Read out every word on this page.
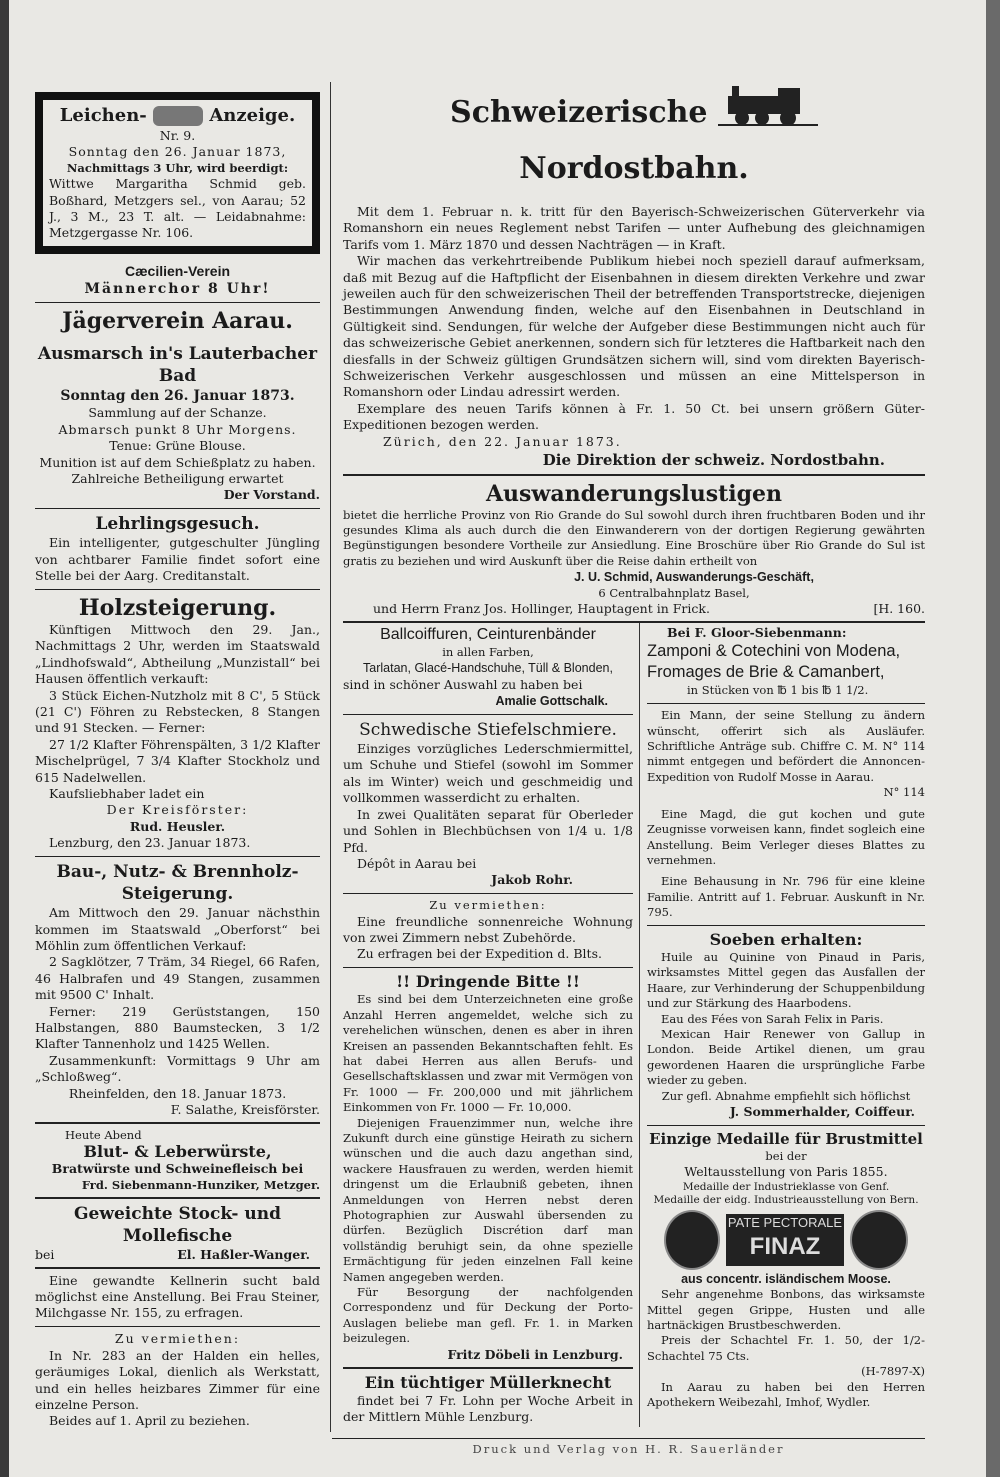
Leichen-	Anzeige.
Nr. 9.
Sonntag den 26. Januar 1873,
Nachmittags 3 Uhr, wird beerdigt:
Wittwe Margaritha Schmid geb. Boßhard, Metzgers sel., von Aarau; 52 J., 3 M., 23 T. alt. — Leidabnahme: Metzgergasse Nr. 106.
Cæcilien-Verein
Männerchor 8 Uhr!
Jägerverein Aarau.
Ausmarsch in's Lauterbacher Bad
Sonntag den 26. Januar 1873.
Sammlung auf der Schanze.
Abmarsch punkt 8 Uhr Morgens.
Tenue: Grüne Blouse.
Munition ist auf dem Schießplatz zu haben.
Zahlreiche Betheiligung erwartet
Der Vorstand.
Lehrlingsgesuch.
Ein intelligenter, gutgeschulter Jüngling von achtbarer Familie findet sofort eine Stelle bei der Aarg. Creditanstalt.
Holzsteigerung.
Künftigen Mittwoch den 29. Jan., Nachmittags 2 Uhr, werden im Staatswald „Lindhofswald“, Abtheilung „Munzistall“ bei Hausen öffentlich verkauft:
3 Stück Eichen-Nutzholz mit 8 C', 5 Stück (21 C') Föhren zu Rebstecken, 8 Stangen und 91 Stecken. — Ferner:
27 1/2 Klafter Föhrenspälten, 3 1/2 Klafter Mischelprügel, 7 3/4 Klafter Stockholz und 615 Nadelwellen.
Kaufsliebhaber ladet ein
Der Kreisförster:
Rud. Heusler.
Lenzburg, den 23. Januar 1873.
Bau-, Nutz- & Brennholz-Steigerung.
Am Mittwoch den 29. Januar nächsthin kommen im Staatswald „Oberforst“ bei Möhlin zum öffentlichen Verkauf:
2 Sagklötzer, 7 Träm, 34 Riegel, 66 Rafen, 46 Halbrafen und 49 Stangen, zusammen mit 9500 C' Inhalt.
Ferner: 219 Gerüststangen, 150 Halbstangen, 880 Baumstecken, 3 1/2 Klafter Tannenholz und 1425 Wellen.
Zusammenkunft: Vormittags 9 Uhr am „Schloßweg“.
Rheinfelden, den 18. Januar 1873.
F. Salathe, Kreisförster.
Heute Abend
Blut- & Leberwürste,
Bratwürste und Schweinefleisch bei
Frd. Siebenmann-Hunziker, Metzger.
Geweichte Stock- und Mollefische
bei	El. Haßler-Wanger.
Eine gewandte Kellnerin sucht bald möglichst eine Anstellung. Bei Frau Steiner, Milchgasse Nr. 155, zu erfragen.
Zu vermiethen:
In Nr. 283 an der Halden ein helles, geräumiges Lokal, dienlich als Werkstatt, und ein helles heizbares Zimmer für eine einzelne Person.
Beides auf 1. April zu beziehen.
Schweizerische  Nordostbahn.
Mit dem 1. Februar n. k. tritt für den Bayerisch-Schweizerischen Güterverkehr via Romanshorn ein neues Reglement nebst Tarifen — unter Aufhebung des gleichnamigen Tarifs vom 1. März 1870 und dessen Nachträgen — in Kraft.
Wir machen das verkehrtreibende Publikum hiebei noch speziell darauf aufmerksam, daß mit Bezug auf die Haftpflicht der Eisenbahnen in diesem direkten Verkehre und zwar jeweilen auch für den schweizerischen Theil der betreffenden Transportstrecke, diejenigen Bestimmungen Anwendung finden, welche auf den Eisenbahnen in Deutschland in Gültigkeit sind. Sendungen, für welche der Aufgeber diese Bestimmungen nicht auch für das schweizerische Gebiet anerkennen, sondern sich für letzteres die Haftbarkeit nach den diesfalls in der Schweiz gültigen Grundsätzen sichern will, sind vom direkten Bayerisch-Schweizerischen Verkehr ausgeschlossen und müssen an eine Mittelsperson in Romanshorn oder Lindau adressirt werden.
Exemplare des neuen Tarifs können à Fr. 1. 50 Ct. bei unsern größern Güter-Expeditionen bezogen werden.
Zürich, den 22. Januar 1873.
Die Direktion der schweiz. Nordostbahn.
Auswanderungslustigen
bietet die herrliche Provinz von Rio Grande do Sul sowohl durch ihren fruchtbaren Boden und ihr gesundes Klima als auch durch die den Einwanderern von der dortigen Regierung gewährten Begünstigungen besondere Vortheile zur Ansiedlung. Eine Broschüre über Rio Grande do Sul ist gratis zu beziehen und wird Auskunft über die Reise dahin ertheilt von
J. U. Schmid, Auswanderungs-Geschäft,
6 Centralbahnplatz Basel,
und Herrn Franz Jos. Hollinger, Hauptagent in Frick.	[H. 160.
Ballcoiffuren, Ceinturenbänder
in allen Farben,
Tarlatan, Glacé-Handschuhe, Tüll & Blonden,
sind in schöner Auswahl zu haben bei
Amalie Gottschalk.
Schwedische Stiefelschmiere.
Einziges vorzügliches Lederschmiermittel, um Schuhe und Stiefel (sowohl im Sommer als im Winter) weich und geschmeidig und vollkommen wasserdicht zu erhalten.
In zwei Qualitäten separat für Oberleder und Sohlen in Blechbüchsen von 1/4 u. 1/8 Pfd.
Dépôt in Aarau bei
Jakob Rohr.
Zu vermiethen:
Eine freundliche sonnenreiche Wohnung von zwei Zimmern nebst Zubehörde.
Zu erfragen bei der Expedition d. Blts.
!! Dringende Bitte !!
Es sind bei dem Unterzeichneten eine große Anzahl Herren angemeldet, welche sich zu verehelichen wünschen, denen es aber in ihren Kreisen an passenden Bekanntschaften fehlt. Es hat dabei Herren aus allen Berufs- und Gesellschaftsklassen und zwar mit Vermögen von Fr. 1000 — Fr. 200,000 und mit jährlichem Einkommen von Fr. 1000 — Fr. 10,000.
Diejenigen Frauenzimmer nun, welche ihre Zukunft durch eine günstige Heirath zu sichern wünschen und die auch dazu angethan sind, wackere Hausfrauen zu werden, werden hiemit dringenst um die Erlaubniß gebeten, ihnen Anmeldungen von Herren nebst deren Photographien zur Auswahl übersenden zu dürfen. Bezüglich Discrétion darf man vollständig beruhigt sein, da ohne spezielle Ermächtigung für jeden einzelnen Fall keine Namen angegeben werden.
Für Besorgung der nachfolgenden Correspondenz und für Deckung der Porto-Auslagen beliebe man gefl. Fr. 1. in Marken beizulegen.
Fritz Döbeli in Lenzburg.
Ein tüchtiger Müllerknecht
findet bei 7 Fr. Lohn per Woche Arbeit in der Mittlern Mühle Lenzburg.
Bei F. Gloor-Siebenmann:
Zamponi & Cotechini von Modena, Fromages de Brie & Camanbert,
in Stücken von ℔ 1 bis ℔ 1 1/2.
Ein Mann, der seine Stellung zu ändern wünscht, offerirt sich als Ausläufer. Schriftliche Anträge sub. Chiffre C. M. N° 114 nimmt entgegen und befördert die Annoncen-Expedition von Rudolf Mosse in Aarau.
N° 114
Eine Magd, die gut kochen und gute Zeugnisse vorweisen kann, findet sogleich eine Anstellung. Beim Verleger dieses Blattes zu vernehmen.
Eine Behausung in Nr. 796 für eine kleine Familie. Antritt auf 1. Februar. Auskunft in Nr. 795.
Soeben erhalten:
Huile au Quinine von Pinaud in Paris, wirksamstes Mittel gegen das Ausfallen der Haare, zur Verhinderung der Schuppenbildung und zur Stärkung des Haarbodens.
Eau des Fées von Sarah Felix in Paris.
Mexican Hair Renewer von Gallup in London. Beide Artikel dienen, um grau gewordenen Haaren die ursprüngliche Farbe wieder zu geben.
Zur gefl. Abnahme empfiehlt sich höflichst
J. Sommerhalder, Coiffeur.
Einzige Medaille für Brustmittel
bei der
Weltausstellung von Paris 1855.
Medaille der Industrieklasse von Genf.
Medaille der eidg. Industrieausstellung von Bern.
PATE PECTORALE
FINAZ
aus concentr. isländischem Moose.
Sehr angenehme Bonbons, das wirksamste Mittel gegen Grippe, Husten und alle hartnäckigen Brustbeschwerden.
Preis der Schachtel Fr. 1. 50, der 1/2-Schachtel 75 Cts.
(H-7897-X)
In Aarau zu haben bei den Herren Apothekern Weibezahl, Imhof, Wydler.
Druck und Verlag von H. R. Sauerländer
